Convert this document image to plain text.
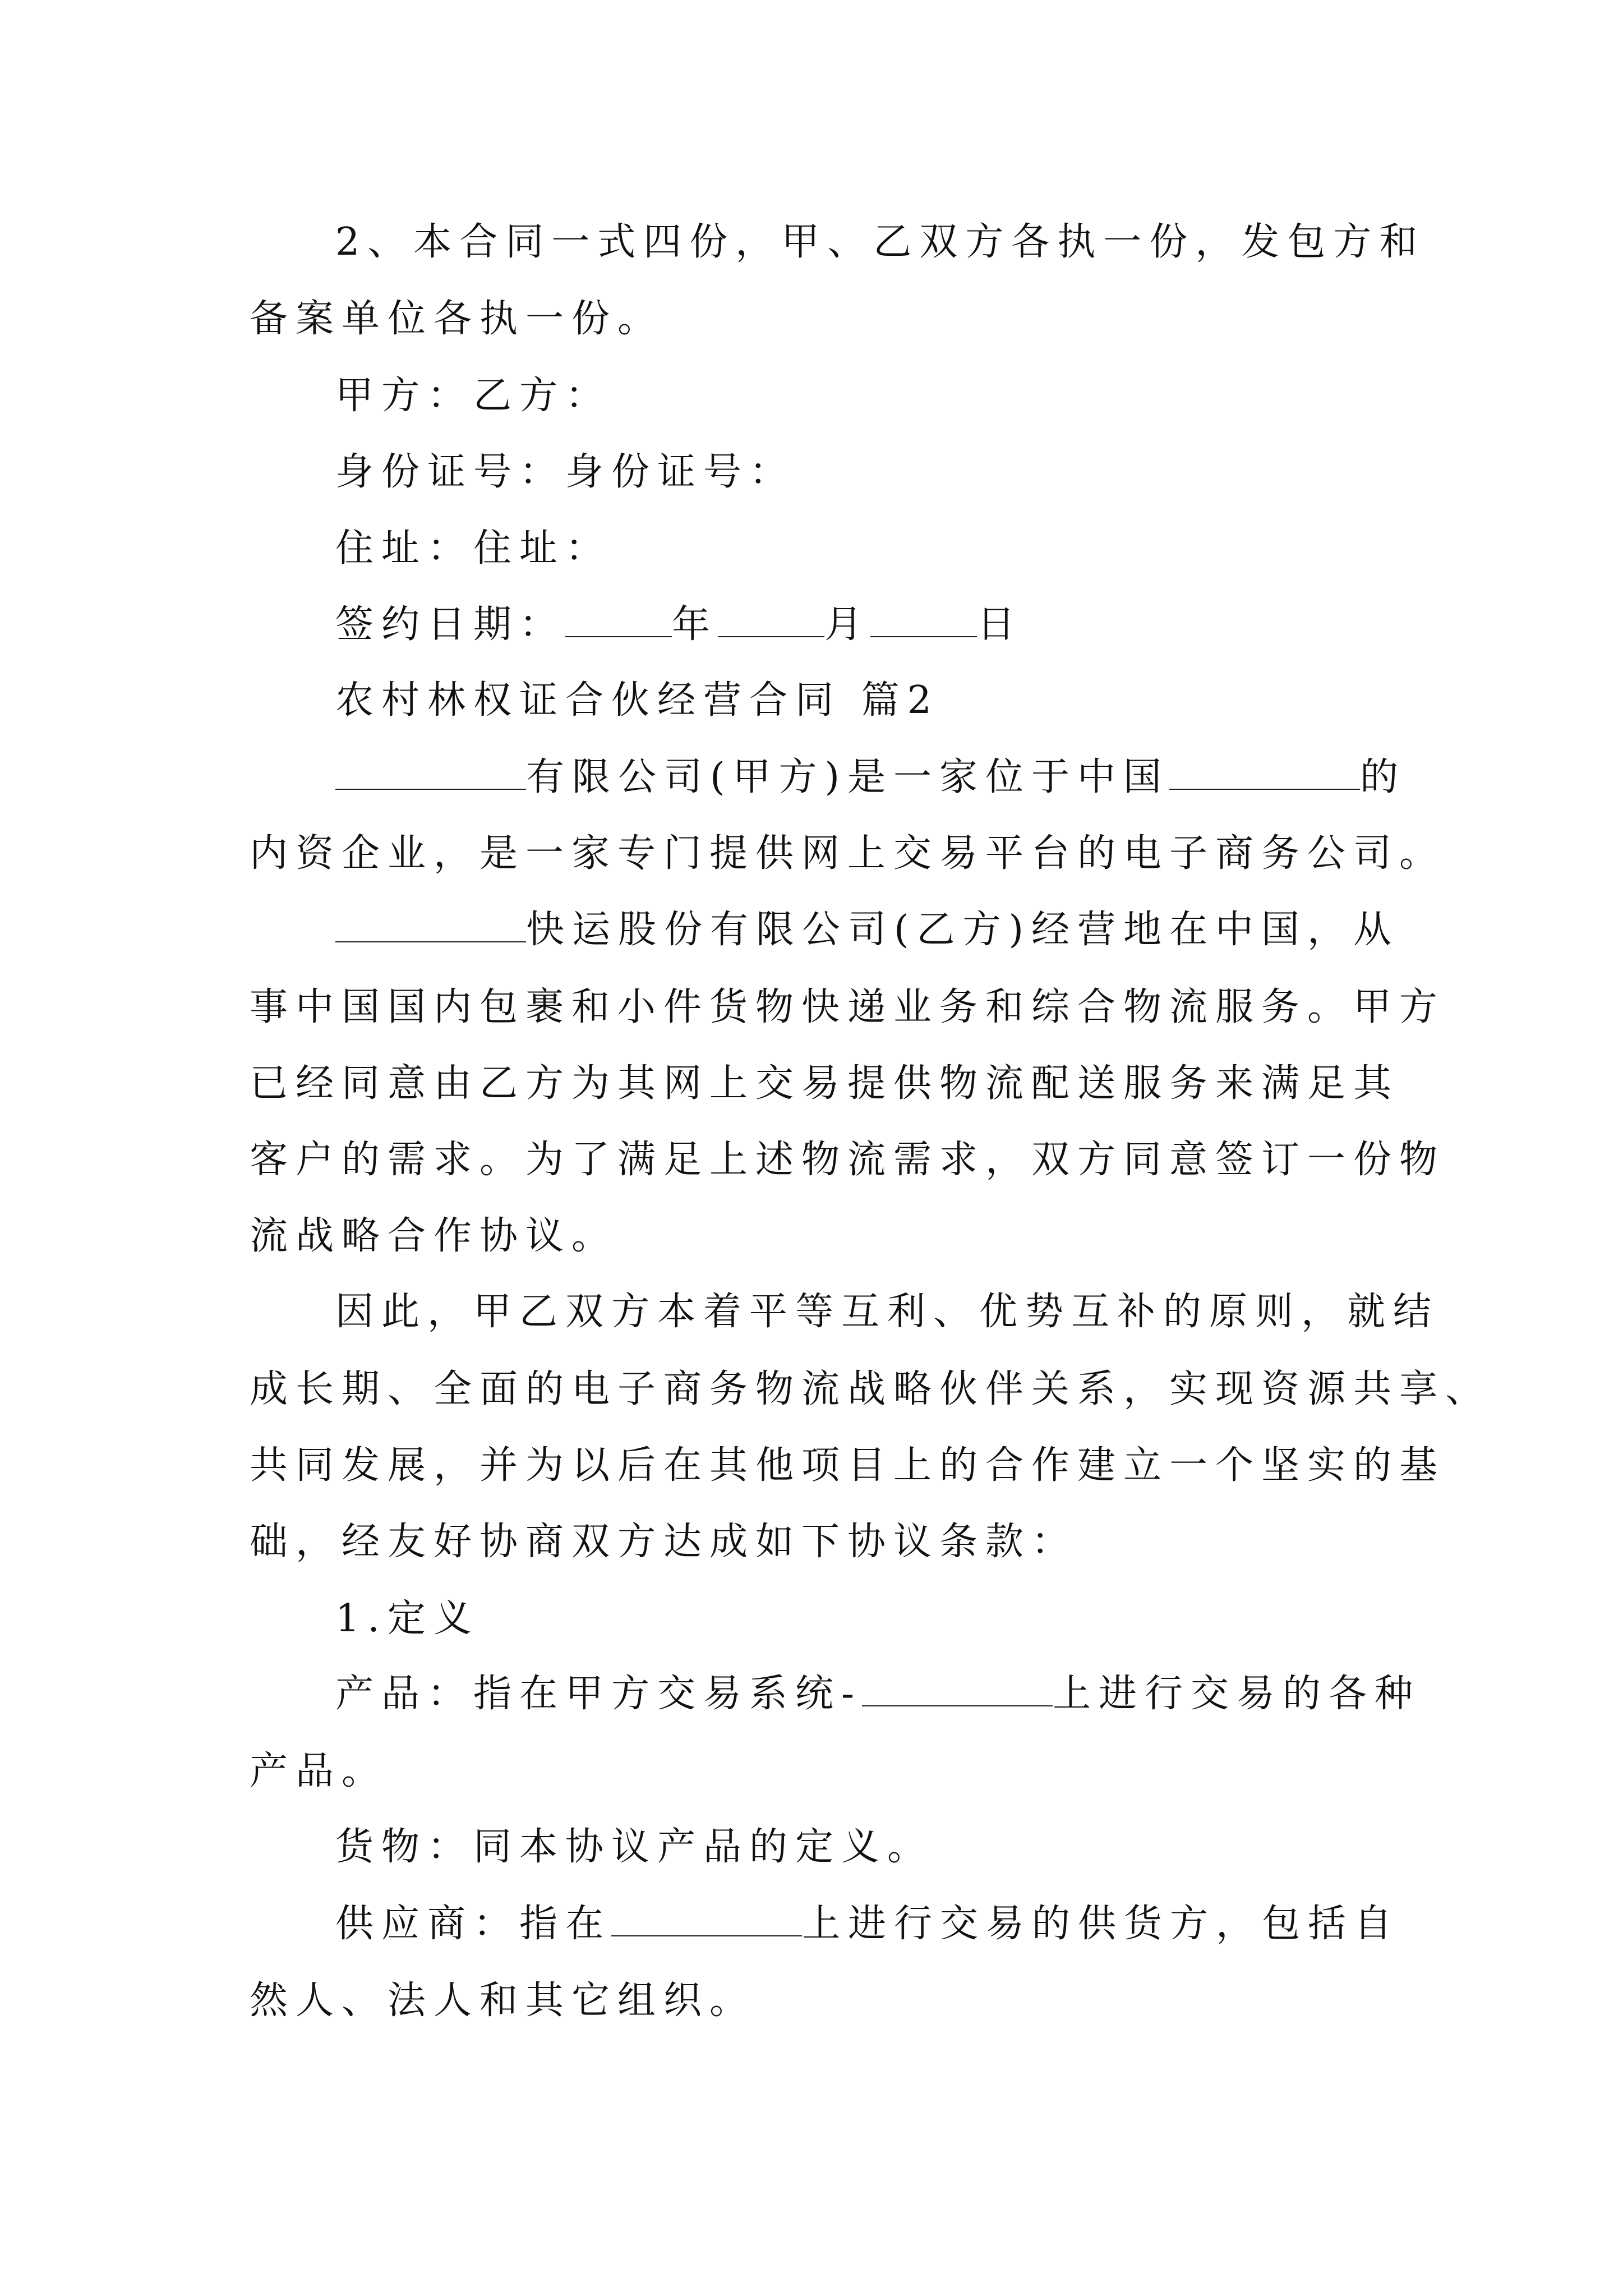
2、本合同一式四份，甲、乙双方各执一份，发包方和
备案单位各执一份。
甲方：乙方：
身份证号：身份证号：
住址：住址：
签约日期：	年	月	日
农村林权证合伙经营合同 篇2
有限公司(甲方)是一家位于中国	的
内资企业，是一家专门提供网上交易平台的电子商务公司。
快运股份有限公司(乙方)经营地在中国，从
事中国国内包裹和小件货物快递业务和综合物流服务。甲方
已经同意由乙方为其网上交易提供物流配送服务来满足其
客户的需求。为了满足上述物流需求，双方同意签订一份物
流战略合作协议。
因此，甲乙双方本着平等互利、优势互补的原则，就结
成长期、全面的电子商务物流战略伙伴关系，实现资源共享、
共同发展，并为以后在其他项目上的合作建立一个坚实的基
础，经友好协商双方达成如下协议条款：
1.定义
产品：指在甲方交易系统-	上进行交易的各种
产品。
货物：同本协议产品的定义。
供应商：指在	上进行交易的供货方，包括自
然人、法人和其它组织。
